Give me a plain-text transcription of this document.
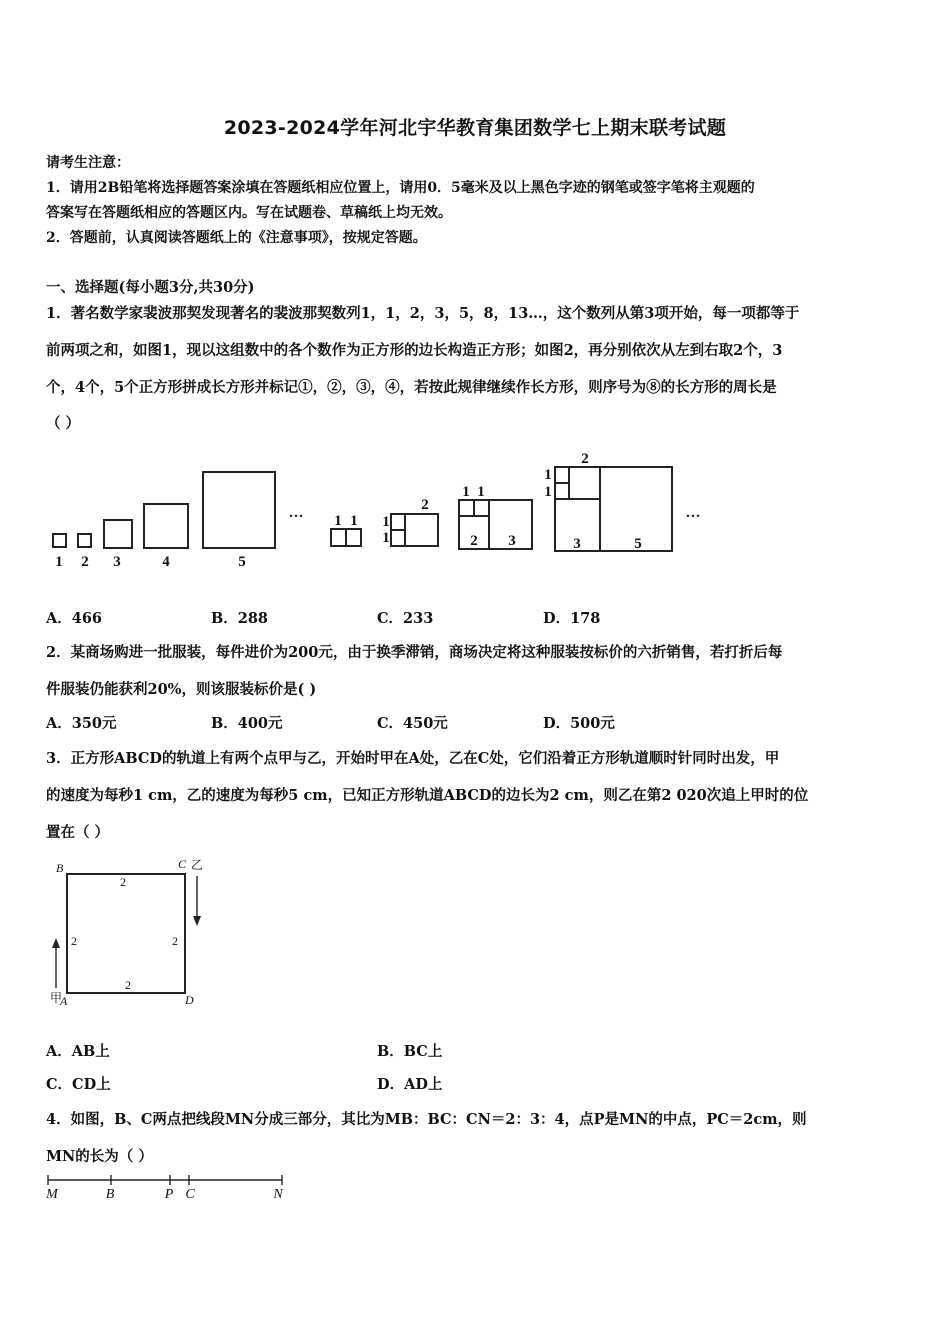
2023-2024学年河北宇华教育集团数学七上期末联考试题
请考生注意：
1．请用2B铅笔将选择题答案涂填在答题纸相应位置上，请用0．5毫米及以上黑色字迹的钢笔或签字笔将主观题的
答案写在答题纸相应的答题区内。写在试题卷、草稿纸上均无效。
2．答题前，认真阅读答题纸上的《注意事项》，按规定答题。
一、选择题(每小题3分,共30分)
1．著名数学家裴波那契发现著名的裴波那契数列1，1，2，3，5，8，13…，这个数列从第3项开始，每一项都等于
前两项之和，如图1，现以这组数中的各个数作为正方形的边长构造正方形；如图2，再分别依次从左到右取2个，3
个，4个，5个正方形拼成长方形并标记①，②，③，④，若按此规律继续作长方形，则序号为⑧的长方形的周长是
（ ）
1 2 3	4	5
… 1 1 1
1
2
1 1
2 3
1
1
2
3	5
…
A．466	B．288	C．233	D．178
2．某商场购进一批服装，每件进价为200元，由于换季滞销，商场决定将这种服装按标价的六折销售，若打折后每
件服装仍能获利20%，则该服装标价是( )
A．350元	B．400元	C．450元	D．500元
3．正方形ABCD的轨道上有两个点甲与乙，开始时甲在A处，乙在C处，它们沿着正方形轨道顺时针同时出发，甲
的速度为每秒1 cm，乙的速度为每秒5 cm，已知正方形轨道ABCD的边长为2 cm，则乙在第2 020次追上甲时的位
置在（ ）
B	C
D
A
甲
乙
2
2	2
2
A．AB上	B．BC上
C．CD上	D．AD上
4．如图，B、C两点把线段MN分成三部分，其比为MB：BC：CN＝2：3：4，点P是MN的中点，PC＝2cm，则
MN的长为（ ）
M	B	P C	N
